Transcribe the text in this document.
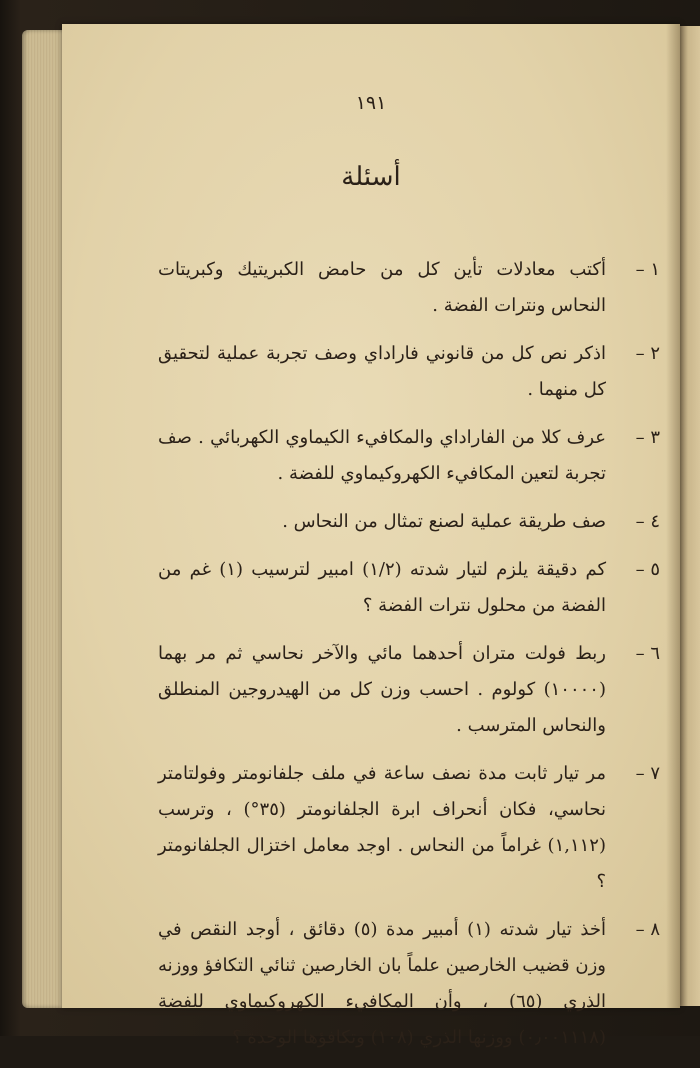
١٩١
أسئلة
١ –
أكتب معادلات تأين كل من حامض الكبريتيك وكبريتات النحاس ونترات الفضة .
٢ –
اذكر نص كل من قانوني فاراداي وصف تجربة عملية لتحقيق كل منهما .
٣ –
عرف كلا من الفاراداي والمكافيء الكيماوي الكهربائي . صف تجربة لتعين المكافيء الكهروكيماوي للفضة .
٤ –
صف طريقة عملية لصنع تمثال من النحاس .
٥ –
كم دقيقة يلزم لتيار شدته (١/٢) امبير لترسيب (١) غم من الفضة من محلول نترات الفضة ؟
٦ –
ربط فولت متران أحدهما مائي والآخر نحاسي ثم مر بهما (١٠٠٠٠) كولوم . احسب وزن كل من الهيدروجين المنطلق والنحاس المترسب .
٧ –
مر تيار ثابت مدة نصف ساعة في ملف جلفانومتر وفولتامتر نحاسي، فكان أنحراف ابرة الجلفانومتر (٣٥°) ، وترسب (١,١١٢) غراماً من النحاس . اوجد معامل اختزال الجلفانومتر ؟
٨ –
أخذ تيار شدته (١) أمبير مدة (٥) دقائق ، أوجد النقص في وزن قضيب الخارصين علماً بان الخارصين ثنائي التكافؤ ووزنه الذري (٦٥) ، وأن المكافيء الكهروكيماوي للفضة (٠٫٠٠١١١٨) ووزنها الذري (١٠٨) وتكافؤها الوحدة ؟
